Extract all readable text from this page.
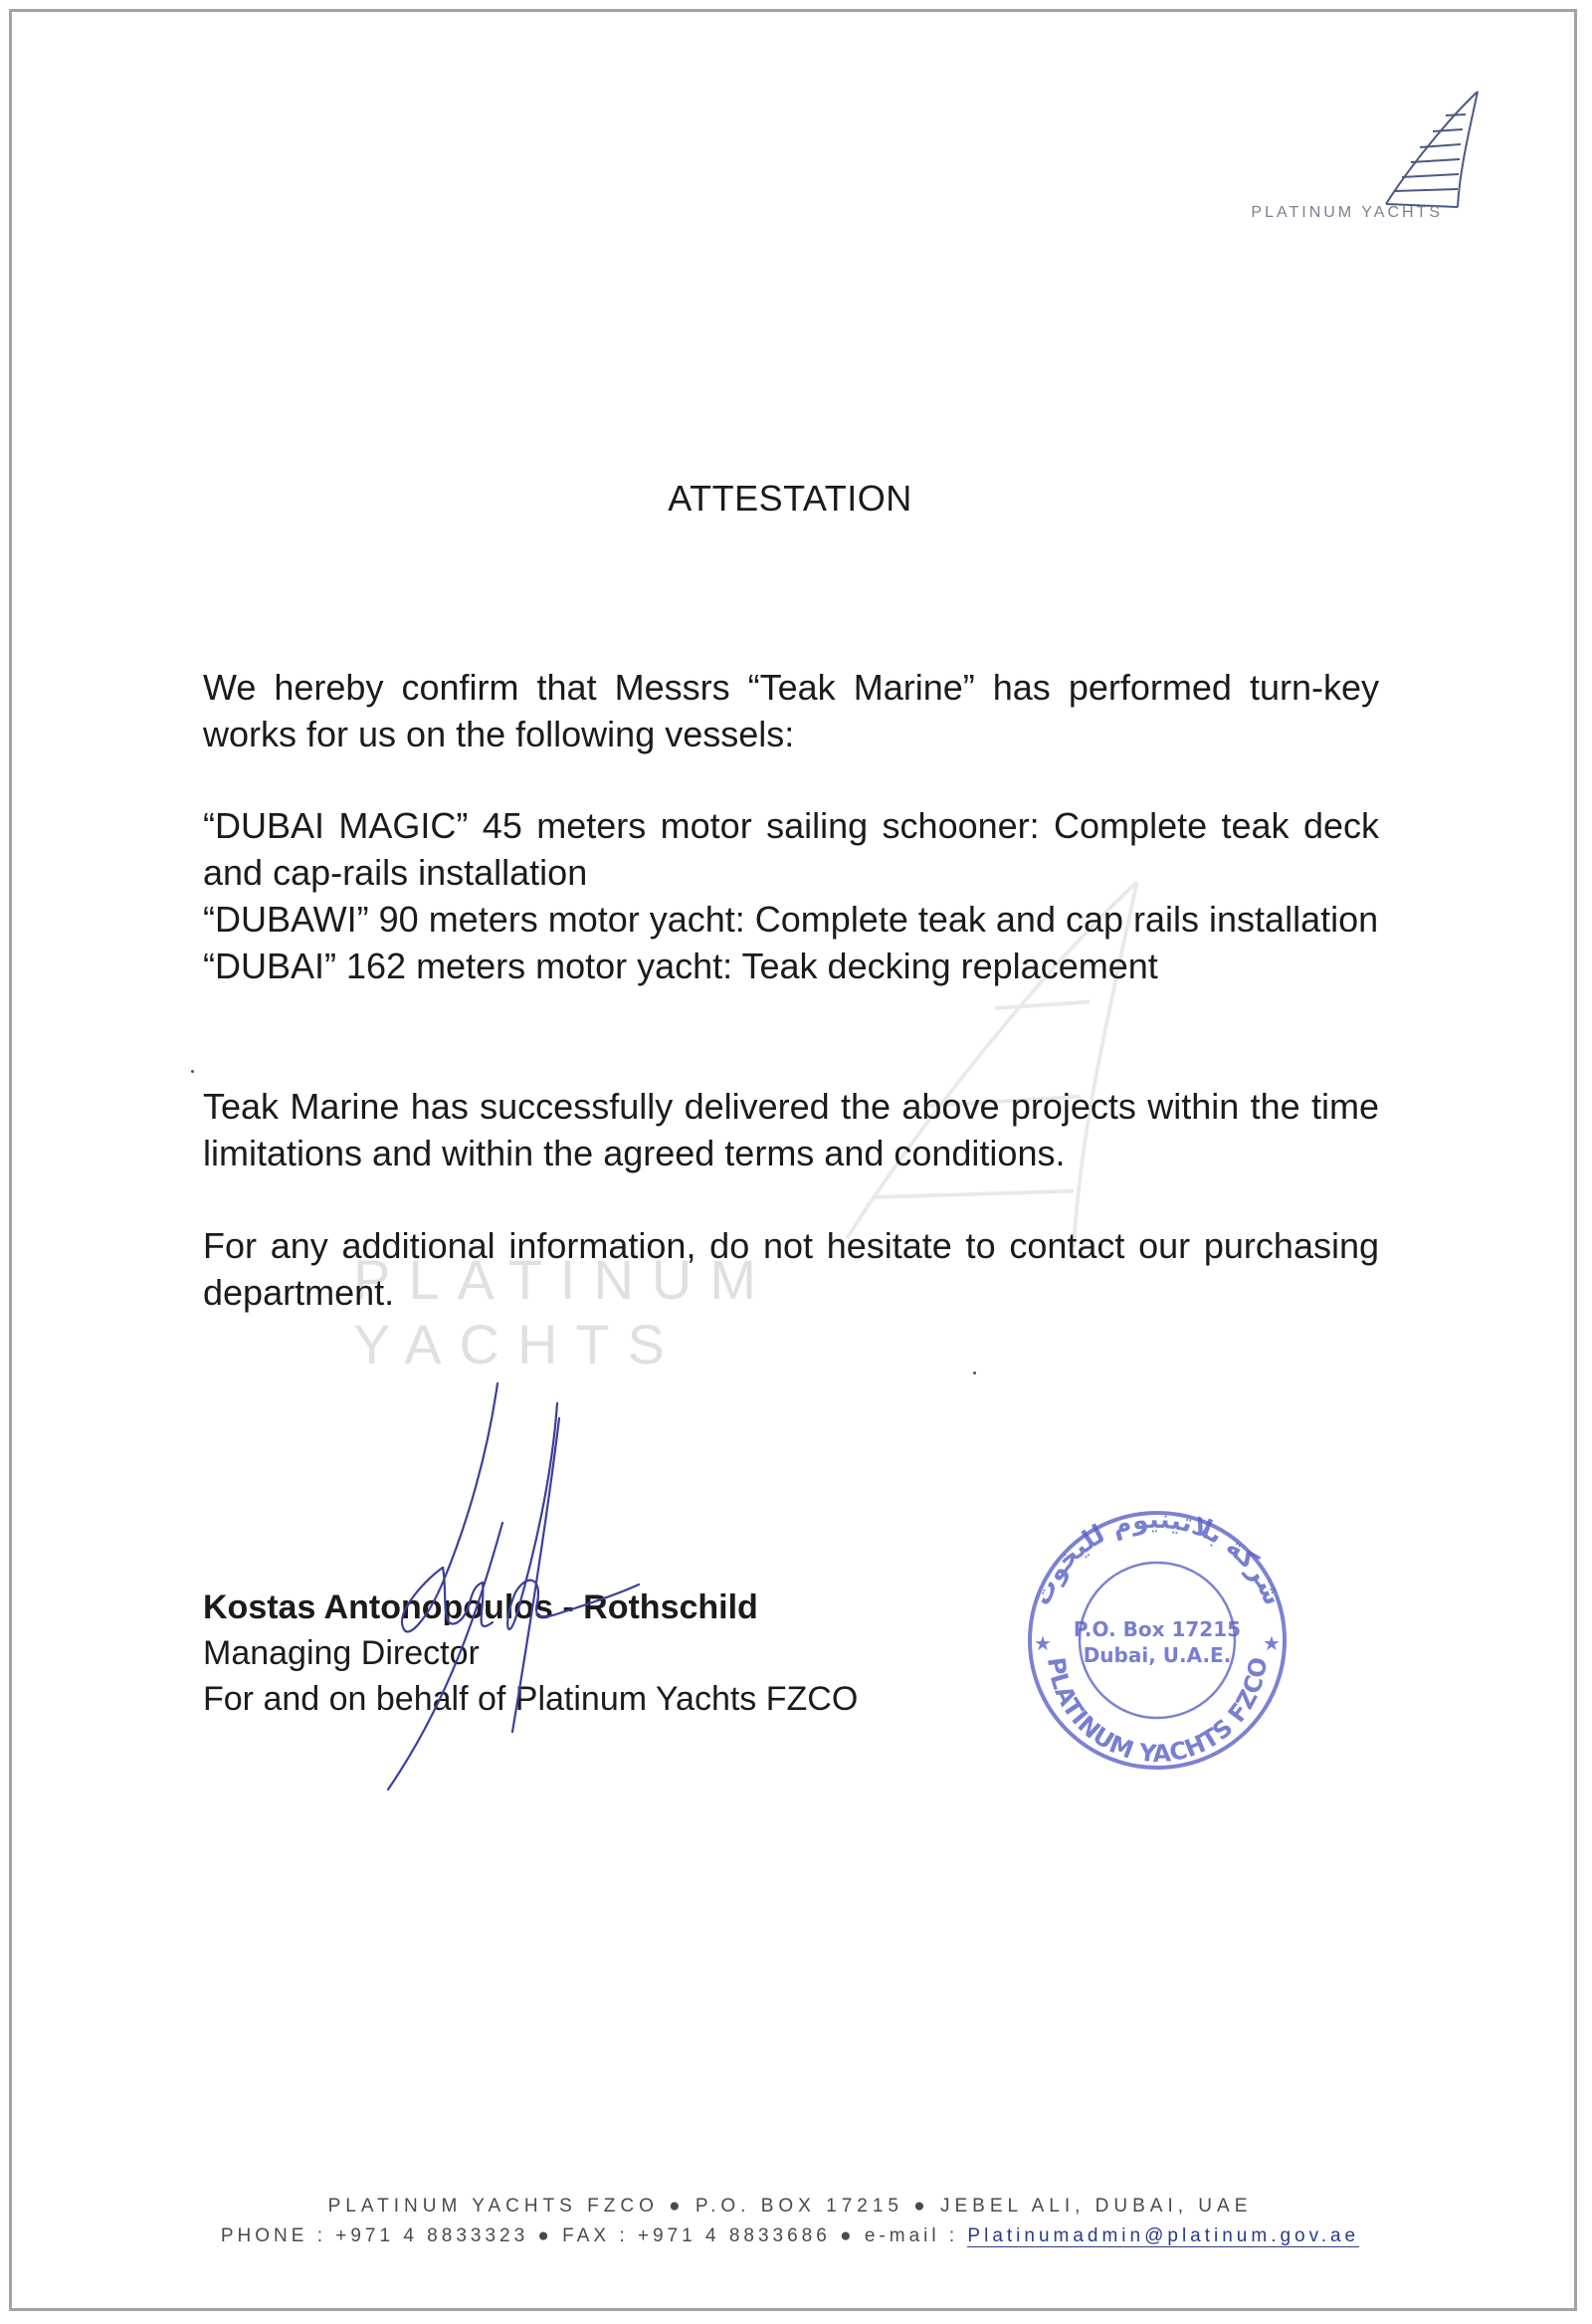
PLATINUM YACHTS
PLATINUM YACHTS
ATTESTATION

We hereby confirm that Messrs “Teak Marine” has performed turn-key works for us on the following vessels:

“DUBAI MAGIC” 45 meters motor sailing schooner: Complete teak deck and cap-rails installation

“DUBAWI” 90 meters motor yacht: Complete teak and cap rails installation

“DUBAI” 162 meters motor yacht: Teak decking replacement

Teak Marine has successfully delivered the above projects within the time limitations and within the agreed terms and conditions.

For any additional information, do not hesitate to contact our purchasing department.

Kostas Antonopoulos - Rothschild
Managing Director
For and on behalf of Platinum Yachts FZCO
شركة بلاتينيوم لليخوت
PLATINUM YACHTS FZCO
P.O. Box 17215
Dubai, U.A.E.
★	★
PLATINUM YACHTS FZCO ● P.O. BOX 17215 ● JEBEL ALI, DUBAI, UAE
PHONE : +971 4 8833323 ● FAX : +971 4 8833686 ● e-mail : Platinumadmin@platinum.gov.ae
